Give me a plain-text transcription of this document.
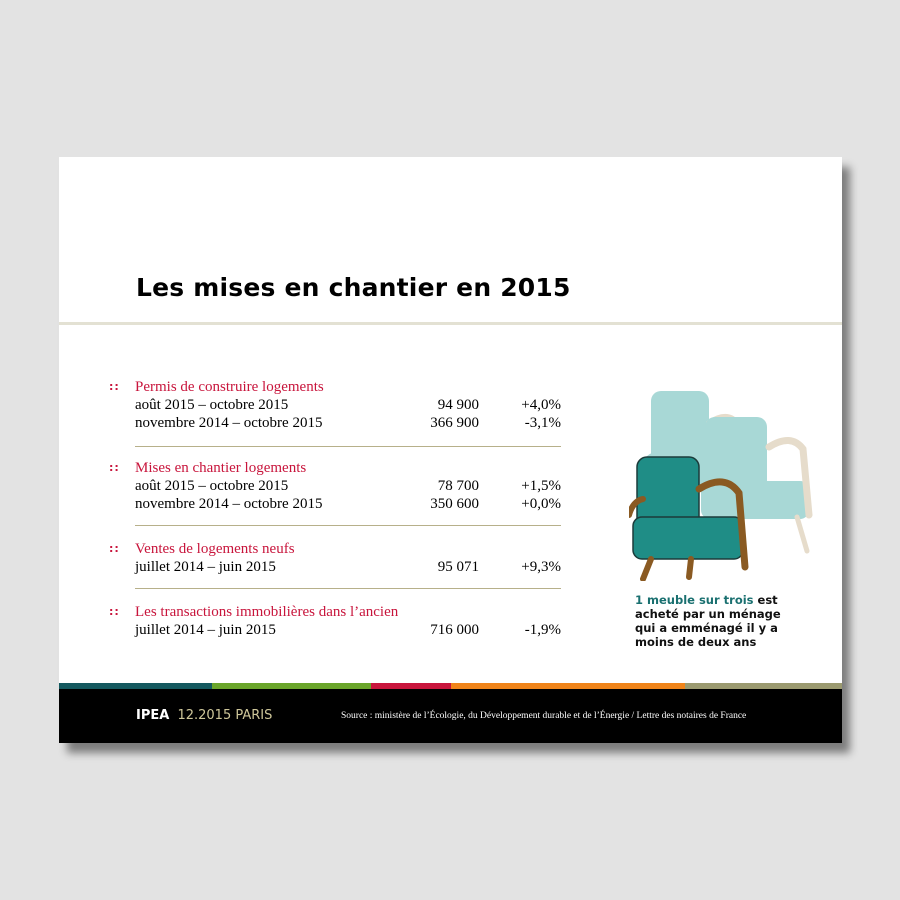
Les mises en chantier en 2015
:: Permis de construire logements
août 2015 – octobre 2015	94 900	+4,0%
novembre 2014 – octobre 2015	366 900	-3,1%
:: Mises en chantier logements
août 2015 – octobre 2015	78 700	+1,5%
novembre 2014 – octobre 2015	350 600	+0,0%
:: Ventes de logements neufs
juillet 2014 – juin 2015	95 071	+9,3%
:: Les transactions immobilières dans l’ancien
juillet 2014 – juin 2015	716 000	-1,9%
1 meuble sur trois est
acheté par un ménage
qui a emménagé il y a
moins de deux ans
IPEA 12.2015 PARIS	Source : ministère de l’Écologie, du Développement durable et de l’Énergie / Lettre des notaires de France
